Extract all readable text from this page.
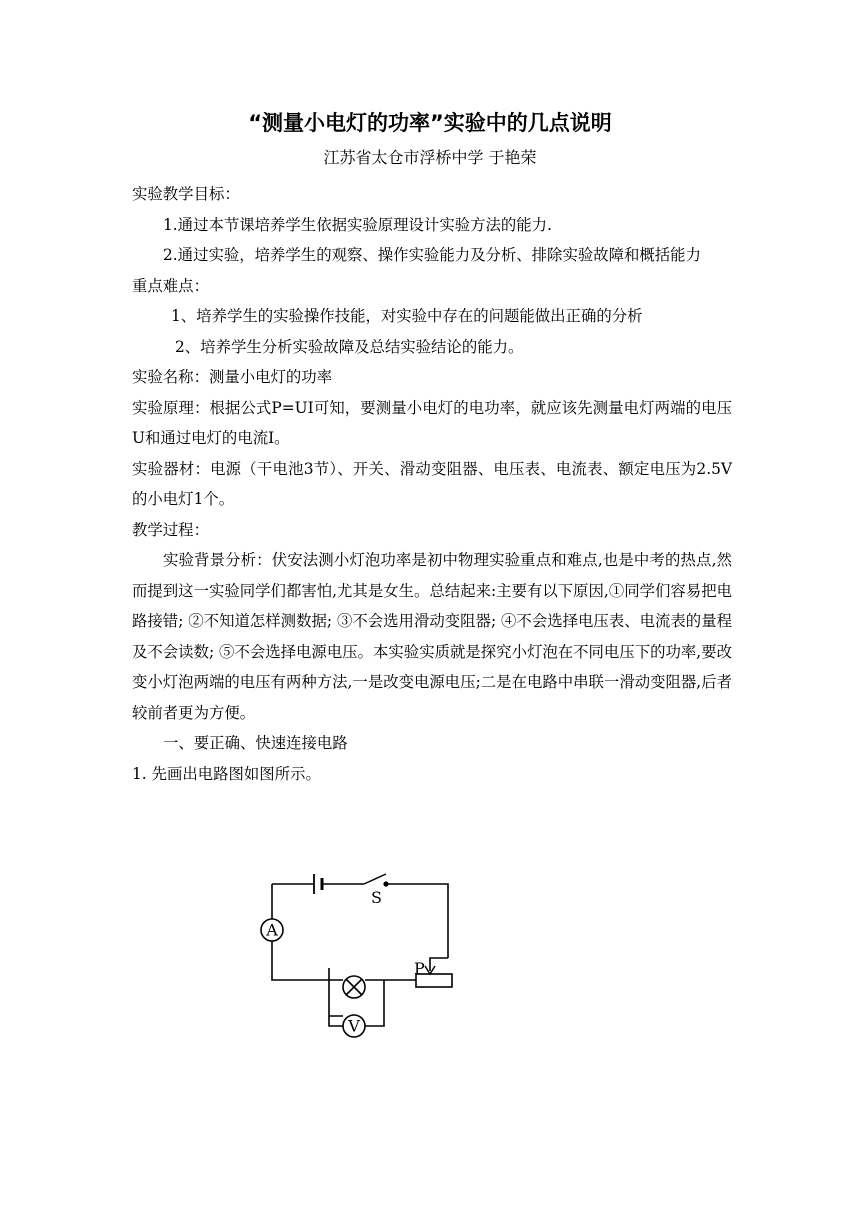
“测量小电灯的功率”实验中的几点说明
江苏省太仓市浮桥中学 于艳荣

实验教学目标：

1.通过本节课培养学生依据实验原理设计实验方法的能力.

2.通过实验，培养学生的观察、操作实验能力及分析、排除实验故障和概括能力

重点难点：

1、培养学生的实验操作技能，对实验中存在的问题能做出正确的分析

2、培养学生分析实验故障及总结实验结论的能力。

实验名称：测量小电灯的功率

实验原理：根据公式P=UI可知，要测量小电灯的电功率，就应该先测量电灯两端的电压U和通过电灯的电流I。

实验器材：电源（干电池3节）、开关、滑动变阻器、电压表、电流表、额定电压为2.5V的小电灯1个。

教学过程：

实验背景分析：伏安法测小灯泡功率是初中物理实验重点和难点,也是中考的热点,然而提到这一实验同学们都害怕,尤其是女生。总结起来:主要有以下原因,①同学们容易把电路接错; ②不知道怎样测数据; ③不会选用滑动变阻器; ④不会选择电压表、电流表的量程及不会读数; ⑤不会选择电源电压。本实验实质就是探究小灯泡在不同电压下的功率,要改变小灯泡两端的电压有两种方法,一是改变电源电压;二是在电路中串联一滑动变阻器,后者较前者更为方便。

一、要正确、快速连接电路

1. 先画出电路图如图所示。

A
V
S
P
